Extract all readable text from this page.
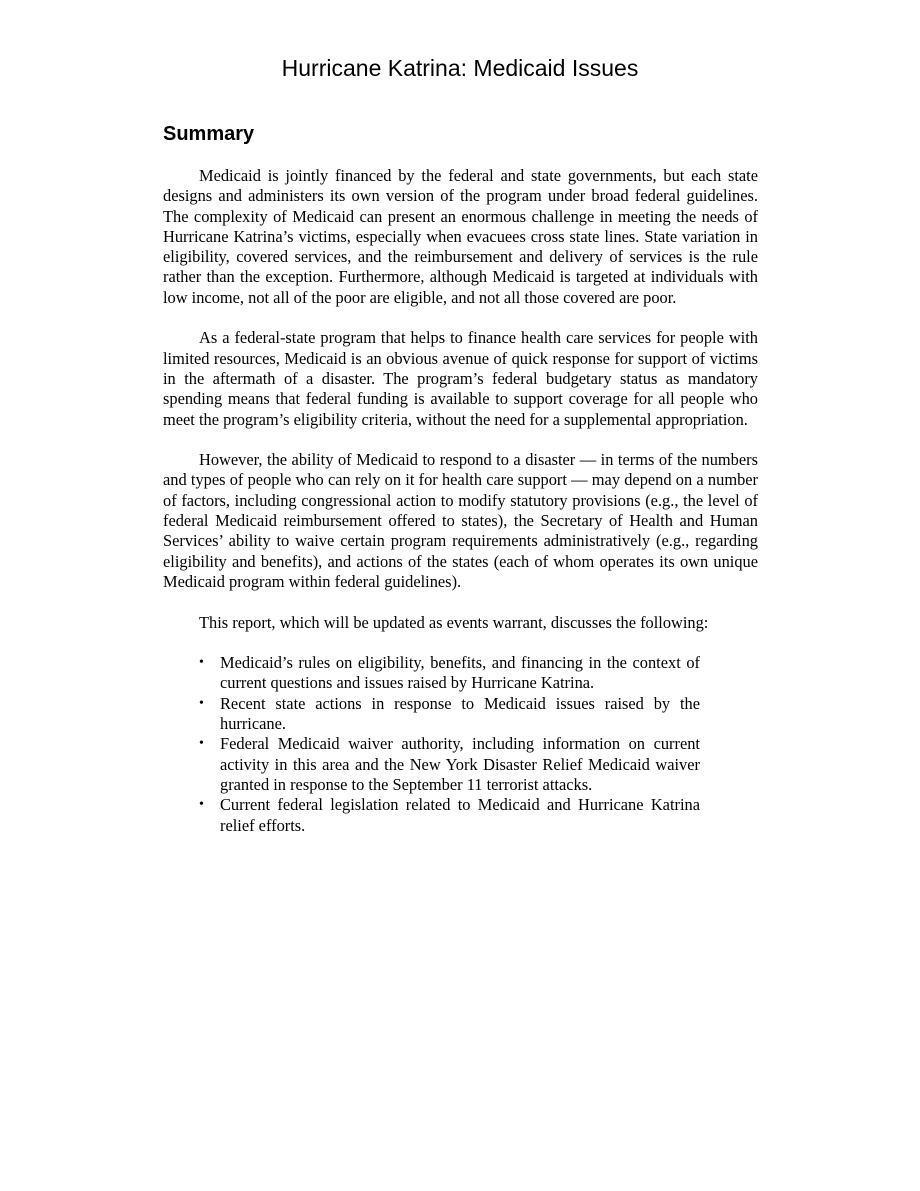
Hurricane Katrina: Medicaid Issues
Summary

Medicaid is jointly financed by the federal and state governments, but each state designs and administers its own version of the program under broad federal guidelines. The complexity of Medicaid can present an enormous challenge in meeting the needs of Hurricane Katrina’s victims, especially when evacuees cross state lines. State variation in eligibility, covered services, and the reimbursement and delivery of services is the rule rather than the exception. Furthermore, although Medicaid is targeted at individuals with low income, not all of the poor are eligible, and not all those covered are poor.

As a federal-state program that helps to finance health care services for people with limited resources, Medicaid is an obvious avenue of quick response for support of victims in the aftermath of a disaster. The program’s federal budgetary status as mandatory spending means that federal funding is available to support coverage for all people who meet the program’s eligibility criteria, without the need for a supplemental appropriation.

However, the ability of Medicaid to respond to a disaster — in terms of the numbers and types of people who can rely on it for health care support — may depend on a number of factors, including congressional action to modify statutory provisions (e.g., the level of federal Medicaid reimbursement offered to states), the Secretary of Health and Human Services’ ability to waive certain program requirements administratively (e.g., regarding eligibility and benefits), and actions of the states (each of whom operates its own unique Medicaid program within federal guidelines).

This report, which will be updated as events warrant, discusses the following:

• Medicaid’s rules on eligibility, benefits, and financing in the context of current questions and issues raised by Hurricane Katrina.
• Recent state actions in response to Medicaid issues raised by the hurricane.
• Federal Medicaid waiver authority, including information on current activity in this area and the New York Disaster Relief Medicaid waiver granted in response to the September 11 terrorist attacks.
• Current federal legislation related to Medicaid and Hurricane Katrina relief efforts.
